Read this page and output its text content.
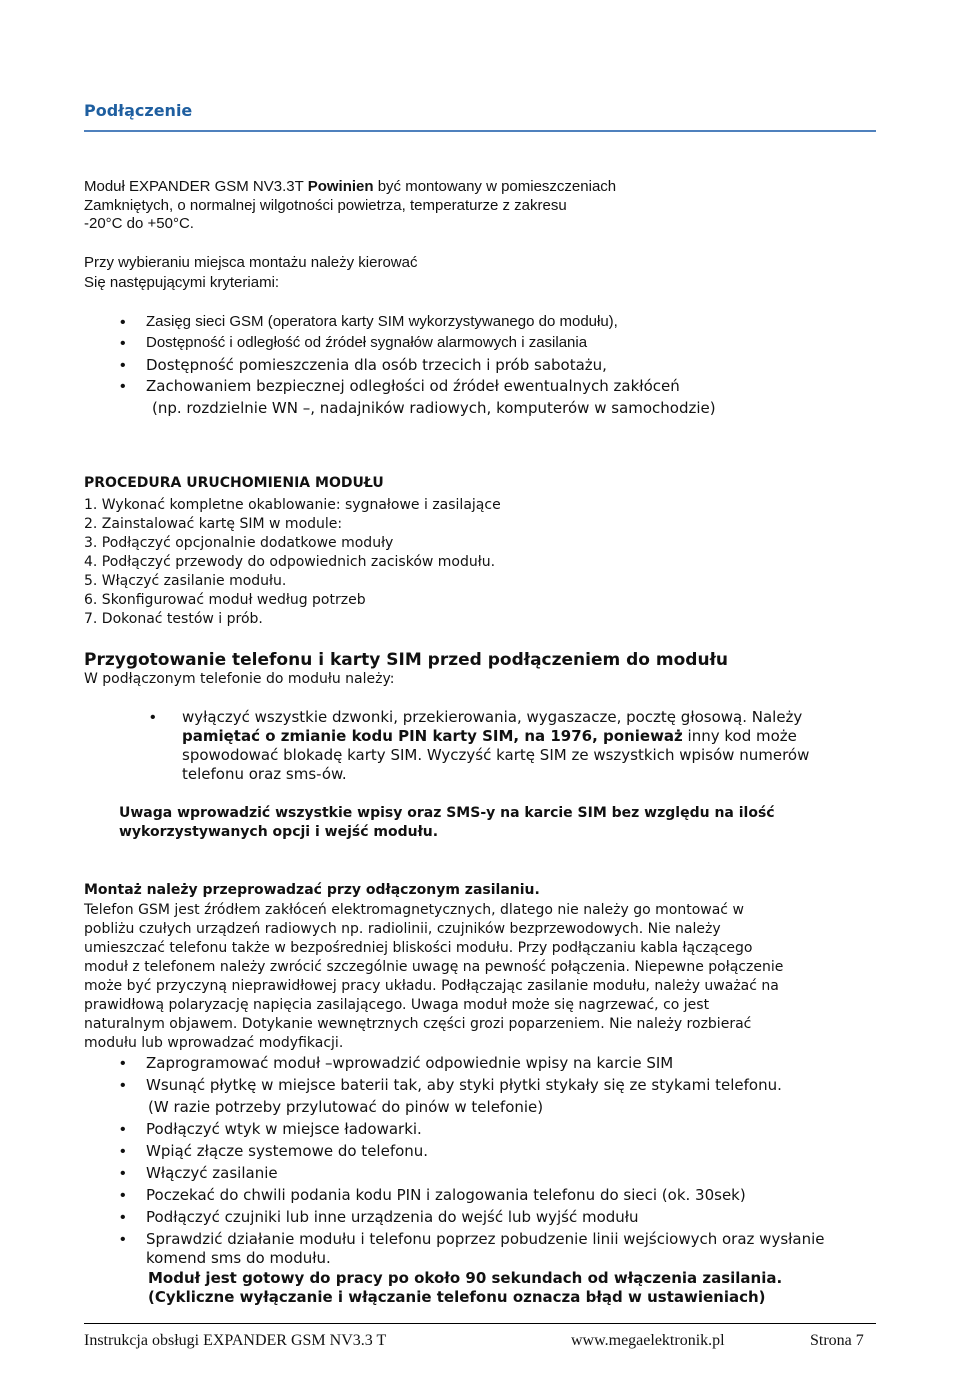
Podłączenie
Moduł EXPANDER GSM NV3.3T Powinien być montowany w pomieszczeniach
Zamkniętych, o normalnej wilgotności powietrza, temperaturze z zakresu
-20°C do +50°C.
Przy wybieraniu miejsca montażu należy kierować
Się następującymi kryteriami:
• Zasięg sieci GSM (operatora karty SIM wykorzystywanego do modułu),
• Dostępność i odległość od źródeł sygnałów alarmowych i zasilania
• Dostępność pomieszczenia dla osób trzecich i prób sabotażu,
• Zachowaniem bezpiecznej odległości od źródeł ewentualnych zakłóceń
(np. rozdzielnie WN –, nadajników radiowych, komputerów w samochodzie)
PROCEDURA URUCHOMIENIA MODUŁU
1. Wykonać kompletne okablowanie: sygnałowe i zasilające
2. Zainstalować kartę SIM w module:
3. Podłączyć opcjonalnie dodatkowe moduły
4. Podłączyć przewody do odpowiednich zacisków modułu.
5. Włączyć zasilanie modułu.
6. Skonfigurować moduł według potrzeb
7. Dokonać testów i prób.
Przygotowanie telefonu i karty SIM przed podłączeniem do modułu
W podłączonym telefonie do modułu należy:
• wyłączyć wszystkie dzwonki, przekierowania, wygaszacze, pocztę głosową. Należy
pamiętać o zmianie kodu PIN karty SIM, na 1976, ponieważ inny kod może
spowodować blokadę karty SIM. Wyczyść kartę SIM ze wszystkich wpisów numerów
telefonu oraz sms-ów.
Uwaga wprowadzić wszystkie wpisy oraz SMS-y na karcie SIM bez względu na ilość
wykorzystywanych opcji i wejść modułu.
Montaż należy przeprowadzać przy odłączonym zasilaniu.
Telefon GSM jest źródłem zakłóceń elektromagnetycznych, dlatego nie należy go montować w
pobliżu czułych urządzeń radiowych np. radiolinii, czujników bezprzewodowych. Nie należy
umieszczać telefonu także w bezpośredniej bliskości modułu. Przy podłączaniu kabla łączącego
moduł z telefonem należy zwrócić szczególnie uwagę na pewność połączenia. Niepewne połączenie
może być przyczyną nieprawidłowej pracy układu. Podłączając zasilanie modułu, należy uważać na
prawidłową polaryzację napięcia zasilającego. Uwaga moduł może się nagrzewać, co jest
naturalnym objawem. Dotykanie wewnętrznych części grozi poparzeniem. Nie należy rozbierać
modułu lub wprowadzać modyfikacji.
• Zaprogramować moduł –wprowadzić odpowiednie wpisy na karcie SIM
• Wsunąć płytkę w miejsce baterii tak, aby styki płytki stykały się ze stykami telefonu.
(W razie potrzeby przylutować do pinów w telefonie)
• Podłączyć wtyk w miejsce ładowarki.
• Wpiąć złącze systemowe do telefonu.
• Włączyć zasilanie
• Poczekać do chwili podania kodu PIN i zalogowania telefonu do sieci (ok. 30sek)
• Podłączyć czujniki lub inne urządzenia do wejść lub wyjść modułu
• Sprawdzić działanie modułu i telefonu poprzez pobudzenie linii wejściowych oraz wysłanie
komend sms do modułu.
Moduł jest gotowy do pracy po około 90 sekundach od włączenia zasilania.
(Cykliczne wyłączanie i włączanie telefonu oznacza błąd w ustawieniach)
Instrukcja obsługi EXPANDER GSM NV3.3 T	www.megaelektronik.pl	Strona 7
